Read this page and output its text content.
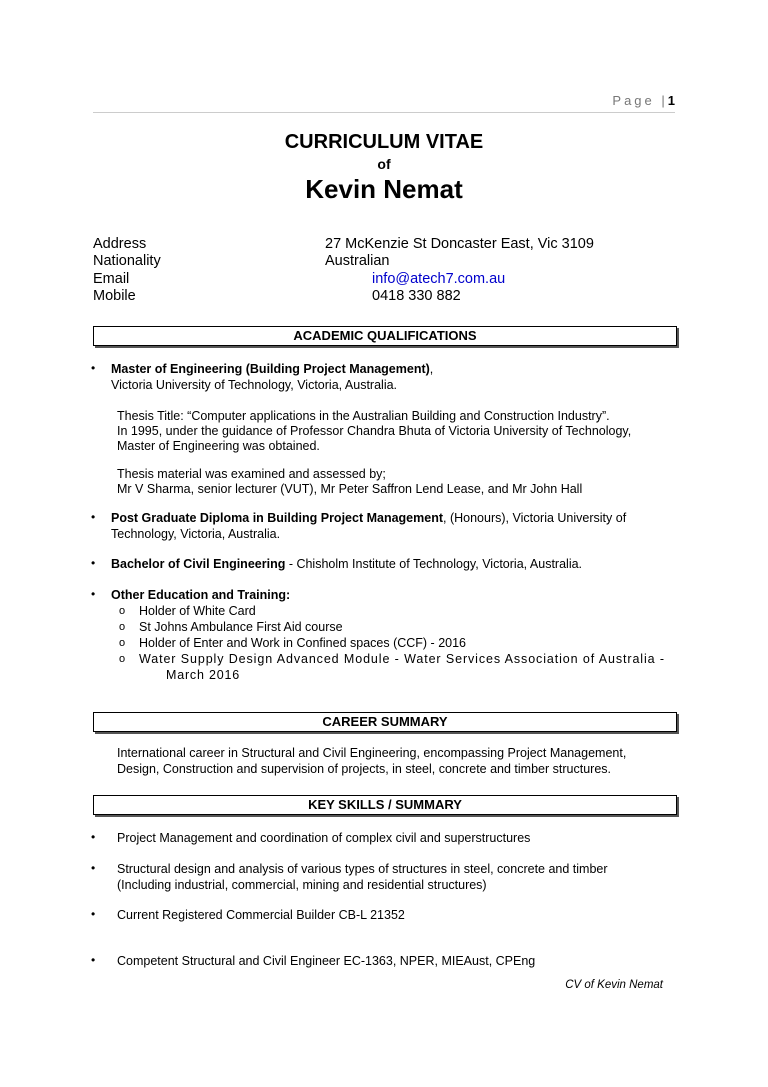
Page |1
CURRICULUM VITAE
of
Kevin Nemat
Address	27 McKenzie St Doncaster East, Vic 3109
Nationality	Australian
Email	info@atech7.com.au
Mobile	0418 330 882
ACADEMIC QUALIFICATIONS
• Master of Engineering (Building Project Management),
Victoria University of Technology, Victoria, Australia.
Thesis Title: “Computer applications in the Australian Building and Construction Industry”.
In 1995, under the guidance of Professor Chandra Bhuta of Victoria University of Technology,
Master of Engineering was obtained.
Thesis material was examined and assessed by;
Mr V Sharma, senior lecturer (VUT), Mr Peter Saffron Lend Lease, and Mr John Hall
• Post Graduate Diploma in Building Project Management, (Honours), Victoria University of
Technology, Victoria, Australia.
• Bachelor of Civil Engineering - Chisholm Institute of Technology, Victoria, Australia.
• Other Education and Training:
o Holder of White Card
o St Johns Ambulance First Aid course
o Holder of Enter and Work in Confined spaces (CCF) - 2016
o Water Supply Design Advanced Module - Water Services Association of Australia -
March 2016
CAREER SUMMARY
International career in Structural and Civil Engineering, encompassing Project Management,
Design, Construction and supervision of projects, in steel, concrete and timber structures.
KEY SKILLS / SUMMARY
• Project Management and coordination of complex civil and superstructures
• Structural design and analysis of various types of structures in steel, concrete and timber
(Including industrial, commercial, mining and residential structures)
• Current Registered Commercial Builder CB-L 21352
• Competent Structural and Civil Engineer EC-1363, NPER, MIEAust, CPEng
CV of Kevin Nemat
